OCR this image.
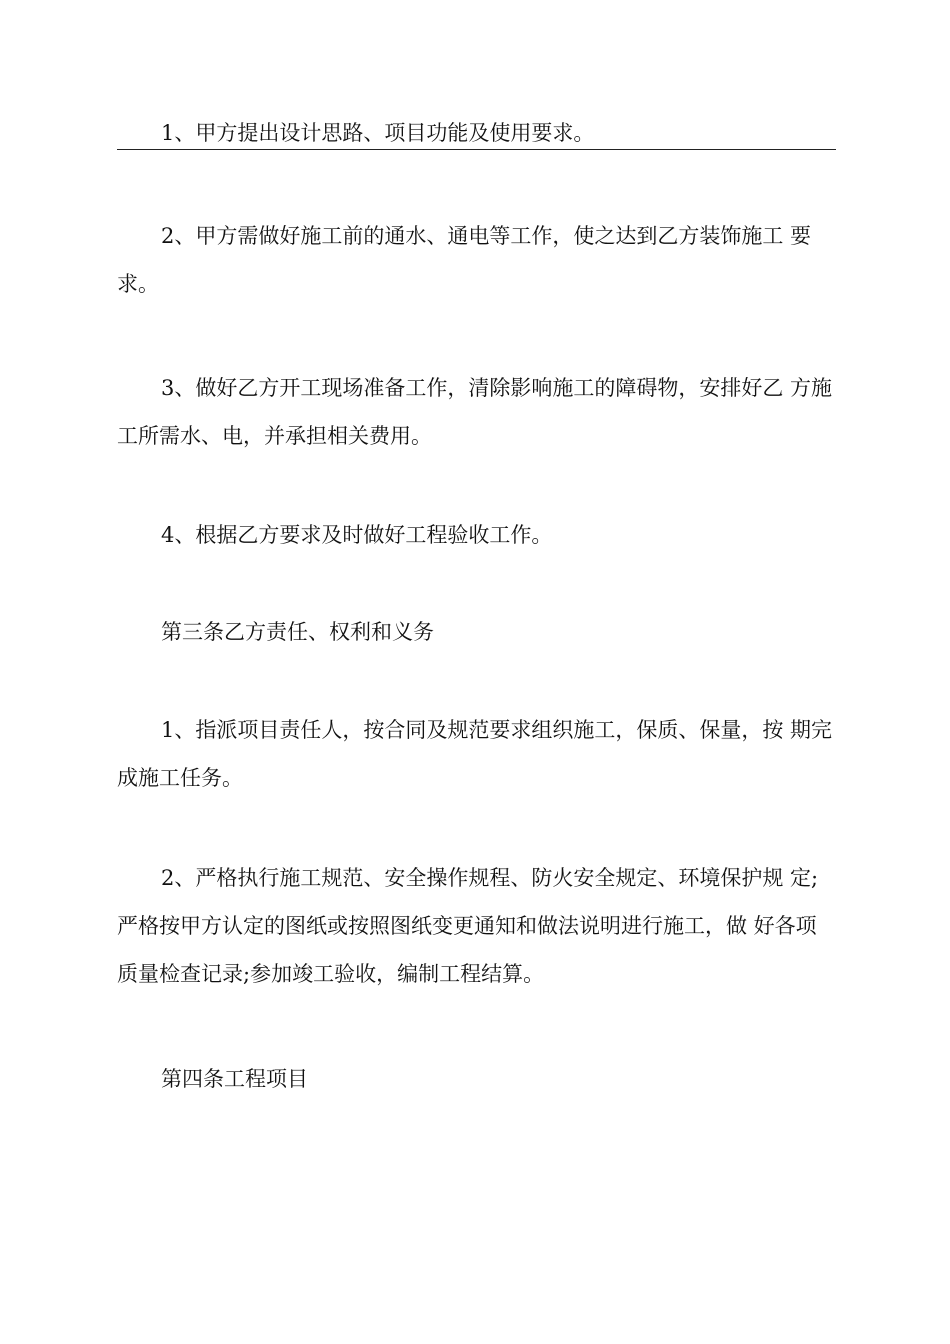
1、甲方提出设计思路、项目功能及使用要求。
2、甲方需做好施工前的通水、通电等工作，使之达到乙方装饰施工 要求。
3、做好乙方开工现场准备工作，清除影响施工的障碍物，安排好乙 方施工所需水、电，并承担相关费用。
4、根据乙方要求及时做好工程验收工作。
第三条乙方责任、权利和义务
1、指派项目责任人，按合同及规范要求组织施工，保质、保量，按 期完成施工任务。
2、严格执行施工规范、安全操作规程、防火安全规定、环境保护规 定;严格按甲方认定的图纸或按照图纸变更通知和做法说明进行施工，做 好各项质量检查记录;参加竣工验收，编制工程结算。
第四条工程项目
